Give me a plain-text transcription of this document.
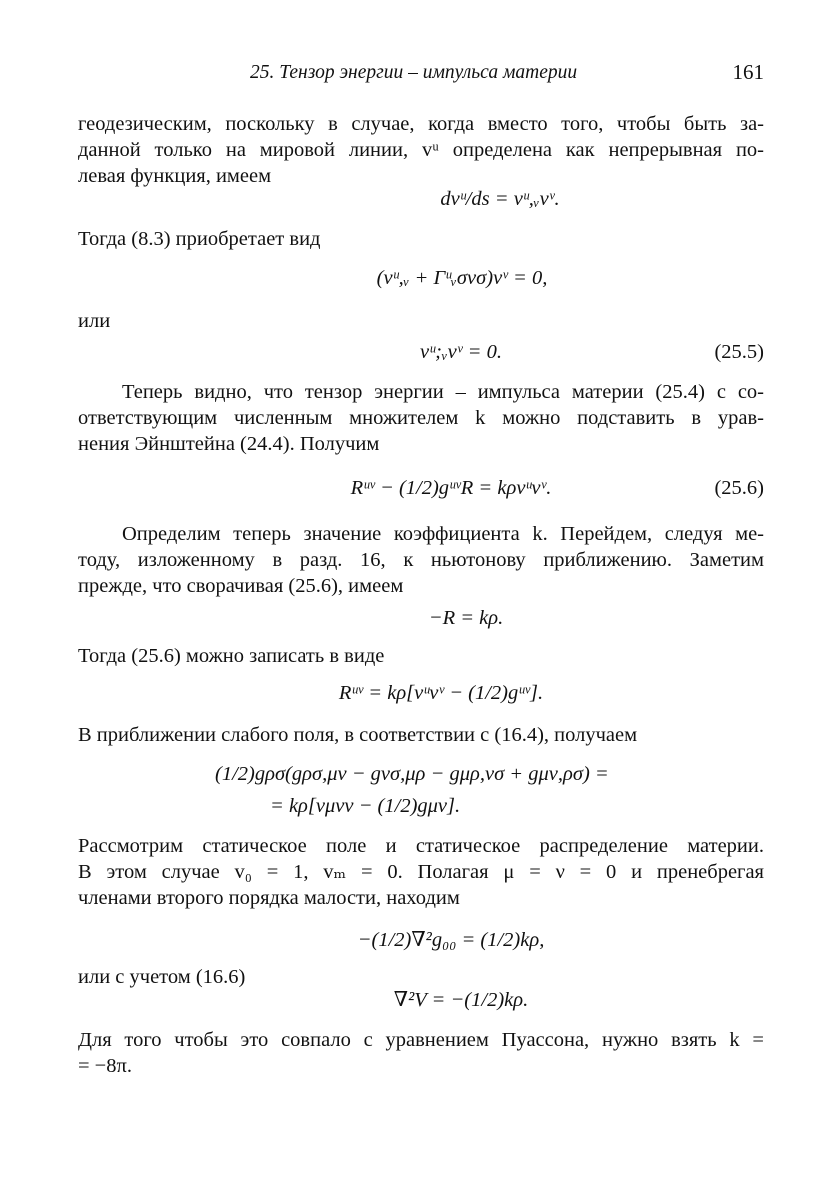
25. Тензор энергии – импульса материи	161
геодезическим, поскольку в случае, когда вместо того, чтобы быть за-
данной только на мировой линии, vᵘ определена как непрерывная по-
левая функция, имеем
dvᵘ/ds = vᵘ,ᵥvᵛ.
Тогда (8.3) приобретает вид
(vᵘ,ᵥ + Γᵘᵥσvσ)vᵛ = 0,
или
vᵘ;ᵥvᵛ = 0.	(25.5)
Теперь видно, что тензор энергии – импульса материи (25.4) с со-
ответствующим численным множителем k можно подставить в урав-
нения Эйнштейна (24.4). Получим
Rᵘᵛ − (1/2)gᵘᵛR = kρvᵘvᵛ.	(25.6)
Определим теперь значение коэффициента k. Перейдем, следуя ме-
тоду, изложенному в разд. 16, к ньютонову приближению. Заметим
прежде, что сворачивая (25.6), имеем
−R = kρ.
Тогда (25.6) можно записать в виде
Rᵘᵛ = kρ[vᵘvᵛ − (1/2)gᵘᵛ].
В приближении слабого поля, в соответствии с (16.4), получаем
(1/2)gρσ(gρσ,μν − gνσ,μρ − gμρ,νσ + gμν,ρσ) =
= kρ[vμvν − (1/2)gμν].
Рассмотрим статическое поле и статическое распределение материи.
В этом случае v₀ = 1, vₘ = 0. Полагая μ = ν = 0 и пренебрегая
членами второго порядка малости, находим
−(1/2)∇²g₀₀ = (1/2)kρ,
или с учетом (16.6)
∇²V = −(1/2)kρ.
Для того чтобы это совпало с уравнением Пуассона, нужно взять k =
= −8π.
